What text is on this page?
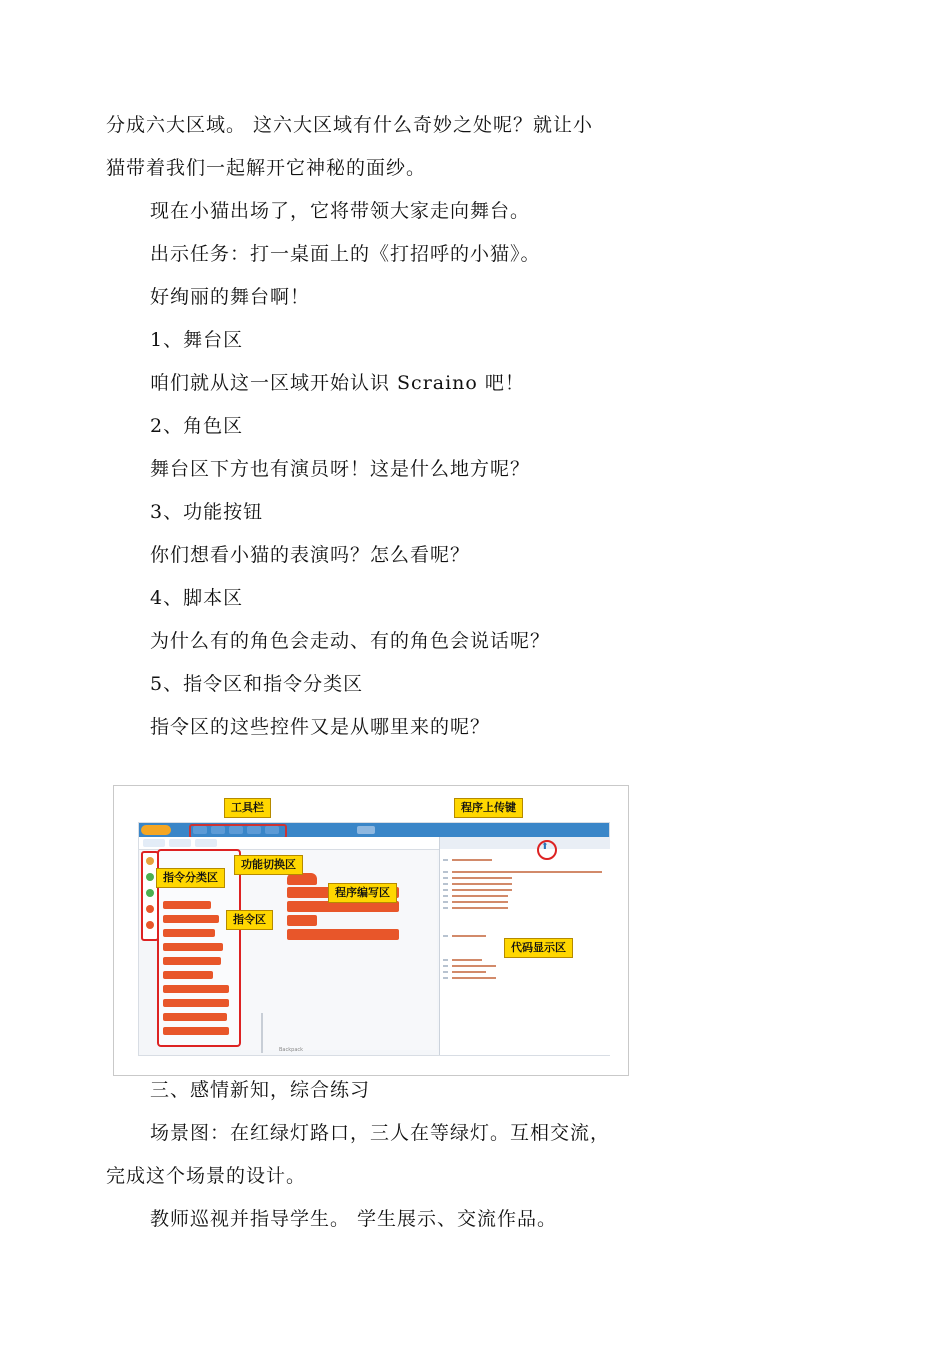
分成六大区域。 这六大区域有什么奇妙之处呢？就让小
猫带着我们一起解开它神秘的面纱。
现在小猫出场了，它将带领大家走向舞台。
出示任务：打一桌面上的《打招呼的小猫》。
好绚丽的舞台啊！
1、舞台区
咱们就从这一区域开始认识 Scraino 吧！
2、角色区
舞台区下方也有演员呀！这是什么地方呢？
3、功能按钮
你们想看小猫的表演吗？怎么看呢？
4、脚本区
为什么有的角色会走动、有的角色会说话呢？
5、指令区和指令分类区
指令区的这些控件又是从哪里来的呢？
Backpack
⬆
工具栏	程序上传键
功能切换区
指令分类区
程序编写区
指令区
代码显示区
三、感情新知，综合练习
场景图：在红绿灯路口，三人在等绿灯。互相交流，
完成这个场景的设计。
教师巡视并指导学生。 学生展示、交流作品。
